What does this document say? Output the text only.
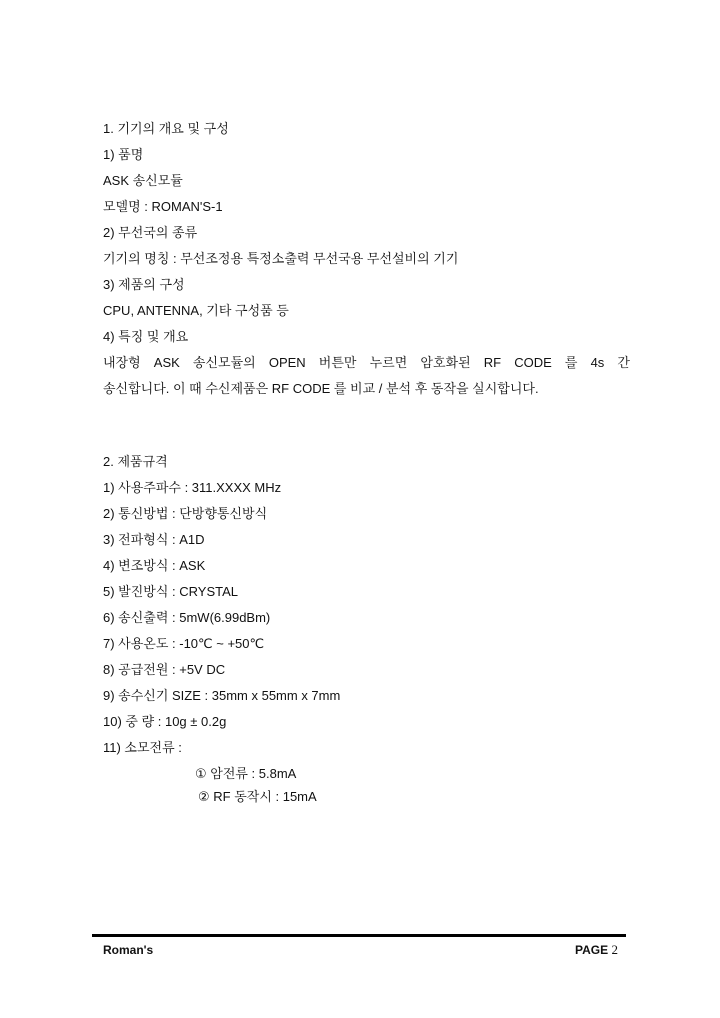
1. 기기의 개요 및 구성
1) 품명
ASK 송신모듈
모델명 : ROMAN'S-1
2) 무선국의 종류
기기의 명칭 : 무선조정용 특정소출력 무선국용 무선설비의 기기
3) 제품의 구성
CPU, ANTENNA, 기타 구성품 등
4) 특징 및 개요
내장형 ASK 송신모듈의 OPEN 버튼만 누르면 암호화된 RF CODE 를 4s 간
송신합니다. 이 때 수신제품은 RF CODE 를 비교 / 분석 후 동작을 실시합니다.
2. 제품규격
1) 사용주파수 : 311.XXXX MHz
2) 통신방법 : 단방향통신방식
3) 전파형식 : A1D
4) 변조방식 : ASK
5) 발진방식 : CRYSTAL
6) 송신출력 : 5mW(6.99dBm)
7) 사용온도 : -10℃ ~ +50℃
8) 공급전원 : +5V DC
9) 송수신기 SIZE : 35mm x 55mm x 7mm
10) 중 량 : 10g ± 0.2g
11) 소모전류 :
① 암전류 : 5.8mA
② RF 동작시 : 15mA
Roman's	PAGE 2
